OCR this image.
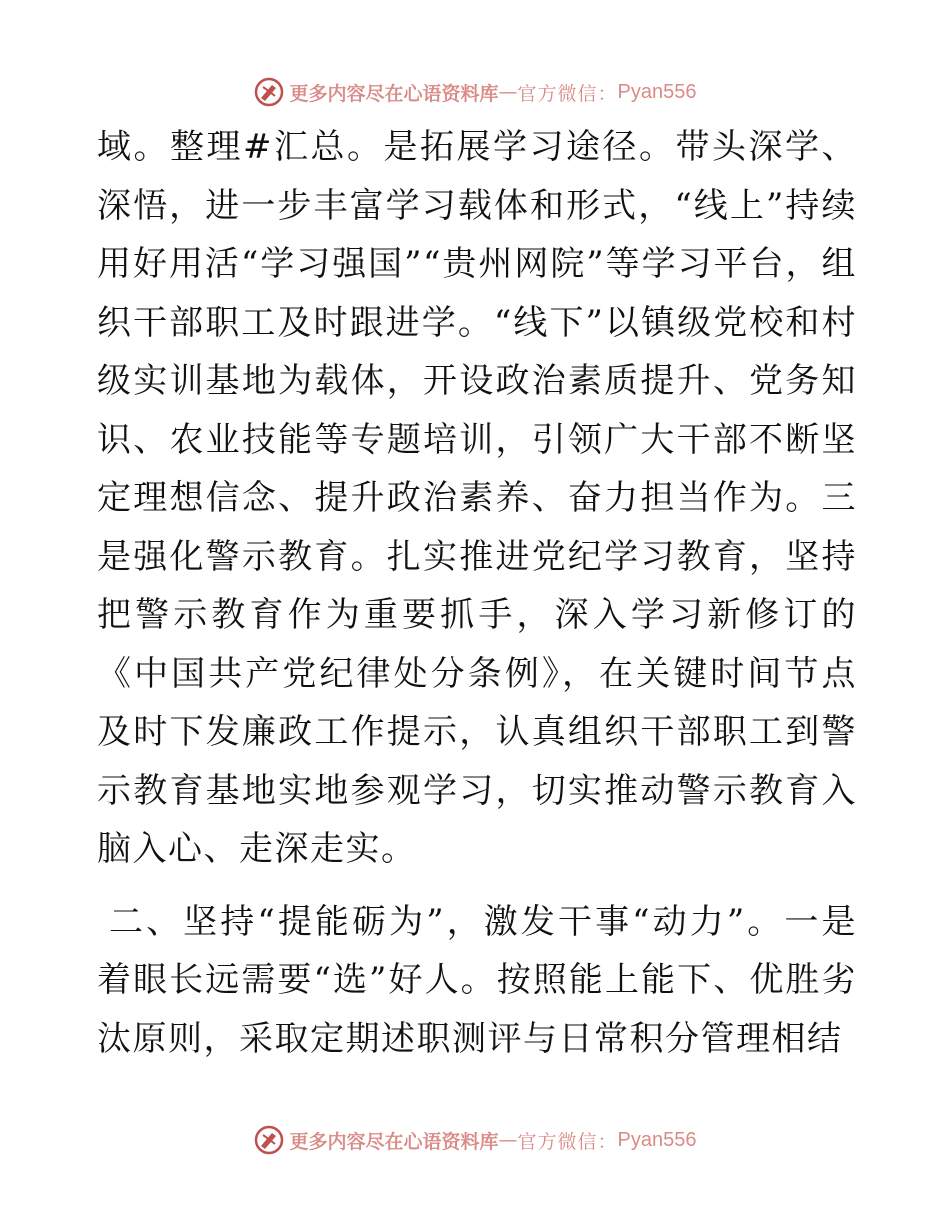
更多内容尽在心语资料库 — 官方微信： Pyan556

域。整理#汇总。是拓展学习途径。带头深学、深悟，进一步丰富学习载体和形式，“线上”持续用好用活“学习强国”“贵州网院”等学习平台，组织干部职工及时跟进学。“线下”以镇级党校和村级实训基地为载体，开设政治素质提升、党务知识、农业技能等专题培训，引领广大干部不断坚定理想信念、提升政治素养、奋力担当作为。三是强化警示教育。扎实推进党纪学习教育，坚持把警示教育作为重要抓手，深入学习新修订的《中国共产党纪律处分条例》，在关键时间节点及时下发廉政工作提示，认真组织干部职工到警示教育基地实地参观学习，切实推动警示教育入脑入心、走深走实。

二、坚持“提能砺为”，激发干事“动力”。一是着眼长远需要“选”好人。按照能上能下、优胜劣汰原则，采取定期述职测评与日常积分管理相结

更多内容尽在心语资料库 — 官方微信： Pyan556
